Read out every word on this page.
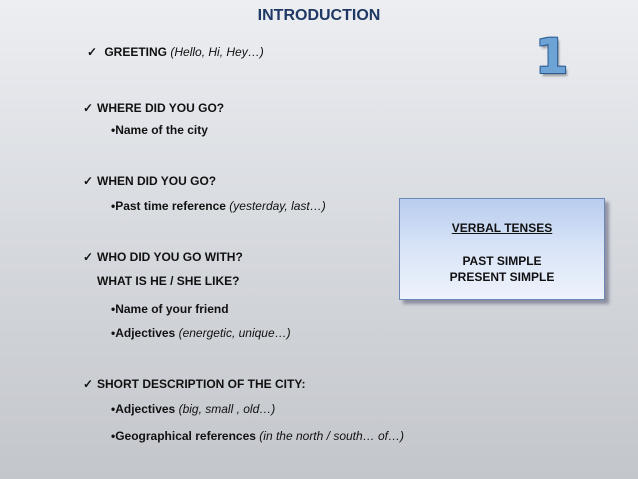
INTRODUCTION
1
✓ GREETING (Hello, Hi, Hey…)
✓ WHERE DID YOU GO?
•Name of the city
✓ WHEN DID YOU GO?
•Past time reference (yesterday, last…)
✓ WHO DID YOU GO WITH?
WHAT IS HE / SHE LIKE?
•Name of your friend
•Adjectives (energetic, unique…)
✓ SHORT DESCRIPTION OF THE CITY:
•Adjectives (big, small , old…)
•Geographical references (in the north / south… of…)
VERBAL TENSES
PAST SIMPLE
PRESENT SIMPLE
